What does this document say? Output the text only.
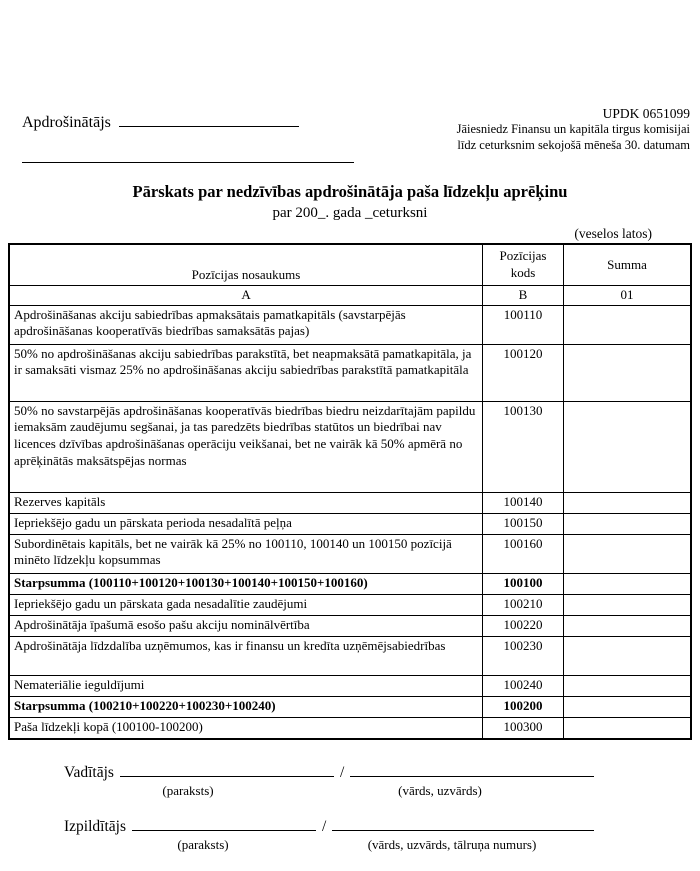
Apdrošinātājs

UPDK 0651099
Jāiesniedz Finansu un kapitāla tirgus komisijai
līdz ceturksnim sekojošā mēneša 30. datumam
Pārskats par nedzīvības apdrošinātāja paša līdzekļu aprēķinu
par 200_. gada _ceturksni
(veselos latos)
Pozīcijas nosaukums	Pozīcijas kods	Summa
A	B	01
Apdrošināšanas akciju sabiedrības apmaksātais pamatkapitāls (savstarpējās apdrošināšanas kooperatīvās biedrības samaksātās pajas)	100110	
50% no apdrošināšanas akciju sabiedrības parakstītā, bet neapmaksātā pamatkapitāla, ja ir samaksāti vismaz 25% no apdrošināšanas akciju sabiedrības parakstītā pamatkapitāla	100120	
50% no savstarpējās apdrošināšanas kooperatīvās biedrības biedru neizdarītajām papildu iemaksām zaudējumu segšanai, ja tas paredzēts biedrības statūtos un biedrībai nav licences dzīvības apdrošināšanas operāciju veikšanai, bet ne vairāk kā 50% apmērā no aprēķinātās maksātspējas normas	100130	
Rezerves kapitāls	100140	
Iepriekšējo gadu un pārskata perioda nesadalītā peļņa	100150	
Subordinētais kapitāls, bet ne vairāk kā 25% no 100110, 100140 un 100150 pozīcijā minēto līdzekļu kopsummas	100160	
Starpsumma (100110+100120+100130+100140+100150+100160)	100100	
Iepriekšējo gadu un pārskata gada nesadalītie zaudējumi	100210	
Apdrošinātāja īpašumā esošo pašu akciju nominālvērtība	100220	
Apdrošinātāja līdzdalība uzņēmumos, kas ir finansu un kredīta uzņēmējsabiedrības	100230	
Nemateriālie ieguldījumi	100240	
Starpsumma (100210+100220+100230+100240)	100200	
Paša līdzekļi kopā (100100-100200)	100300	
Vadītājs	/
(paraksts)	(vārds, uzvārds)
Izpildītājs	/
(paraksts)	(vārds, uzvārds, tālruņa numurs)
